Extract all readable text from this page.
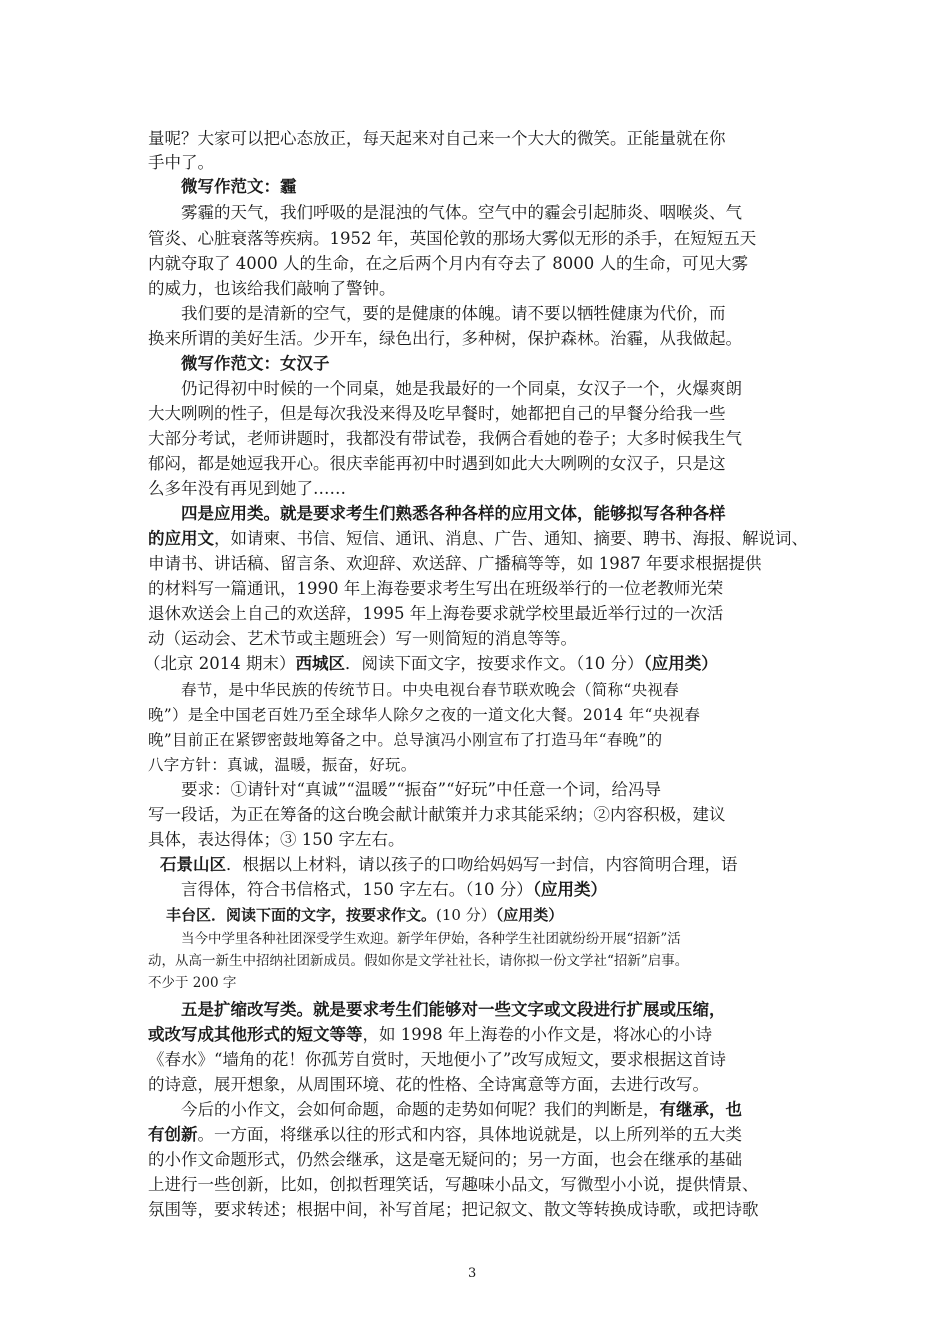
量呢？大家可以把心态放正，每天起来对自己来一个大大的微笑。正能量就在你
手中了。
微写作范文：霾
雾霾的天气，我们呼吸的是混浊的气体。空气中的霾会引起肺炎、咽喉炎、气
管炎、心脏衰落等疾病。1952 年，英国伦敦的那场大雾似无形的杀手，在短短五天
内就夺取了 4000 人的生命，在之后两个月内有夺去了 8000 人的生命，可见大雾
的威力，也该给我们敲响了警钟。
我们要的是清新的空气，要的是健康的体魄。请不要以牺牲健康为代价，而
换来所谓的美好生活。少开车，绿色出行，多种树，保护森林。治霾，从我做起。
微写作范文：女汉子
仍记得初中时候的一个同桌，她是我最好的一个同桌，女汉子一个，火爆爽朗
大大咧咧的性子，但是每次我没来得及吃早餐时，她都把自己的早餐分给我一些
大部分考试，老师讲题时，我都没有带试卷，我俩合看她的卷子；大多时候我生气
郁闷，都是她逗我开心。很庆幸能再初中时遇到如此大大咧咧的女汉子，只是这
么多年没有再见到她了……
四是应用类。就是要求考生们熟悉各种各样的应用文体，能够拟写各种各样
的应用文，如请柬、书信、短信、通讯、消息、广告、通知、摘要、聘书、海报、解说词、
申请书、讲话稿、留言条、欢迎辞、欢送辞、广播稿等等，如 1987 年要求根据提供
的材料写一篇通讯，1990 年上海卷要求考生写出在班级举行的一位老教师光荣
退休欢送会上自己的欢送辞，1995 年上海卷要求就学校里最近举行过的一次活
动（运动会、艺术节或主题班会）写一则简短的消息等等。
（北京 2014 期末）西城区．阅读下面文字，按要求作文。（10 分）（应用类）
春节，是中华民族的传统节日。中央电视台春节联欢晚会（简称“央视春
晚”）是全中国老百姓乃至全球华人除夕之夜的一道文化大餐。2014 年“央视春
晚”目前正在紧锣密鼓地筹备之中。总导演冯小刚宣布了打造马年“春晚”的
八字方针：真诚，温暖，振奋，好玩。
要求：①请针对“真诚”“温暖”“振奋”“好玩”中任意一个词，给冯导
写一段话，为正在筹备的这台晚会献计献策并力求其能采纳；②内容积极，建议
具体，表达得体；③ 150 字左右。
石景山区．根据以上材料，请以孩子的口吻给妈妈写一封信，内容简明合理，语
言得体，符合书信格式，150 字左右。（10 分）（应用类）
丰台区．阅读下面的文字，按要求作文。(10 分）（应用类）
当今中学里各种社团深受学生欢迎。新学年伊始，各种学生社团就纷纷开展“招新”活
动，从高一新生中招纳社团新成员。假如你是文学社社长，请你拟一份文学社“招新”启事。
不少于 200 字
五是扩缩改写类。就是要求考生们能够对一些文字或文段进行扩展或压缩，
或改写成其他形式的短文等等，如 1998 年上海卷的小作文是，将冰心的小诗
《春水》“墙角的花！你孤芳自赏时，天地便小了”改写成短文，要求根据这首诗
的诗意，展开想象，从周围环境、花的性格、全诗寓意等方面，去进行改写。
今后的小作文，会如何命题，命题的走势如何呢？我们的判断是，有继承，也
有创新。一方面，将继承以往的形式和内容，具体地说就是，以上所列举的五大类
的小作文命题形式，仍然会继承，这是毫无疑问的；另一方面，也会在继承的基础
上进行一些创新，比如，创拟哲理笑话，写趣味小品文，写微型小小说，提供情景、
氛围等，要求转述；根据中间，补写首尾；把记叙文、散文等转换成诗歌，或把诗歌
3
